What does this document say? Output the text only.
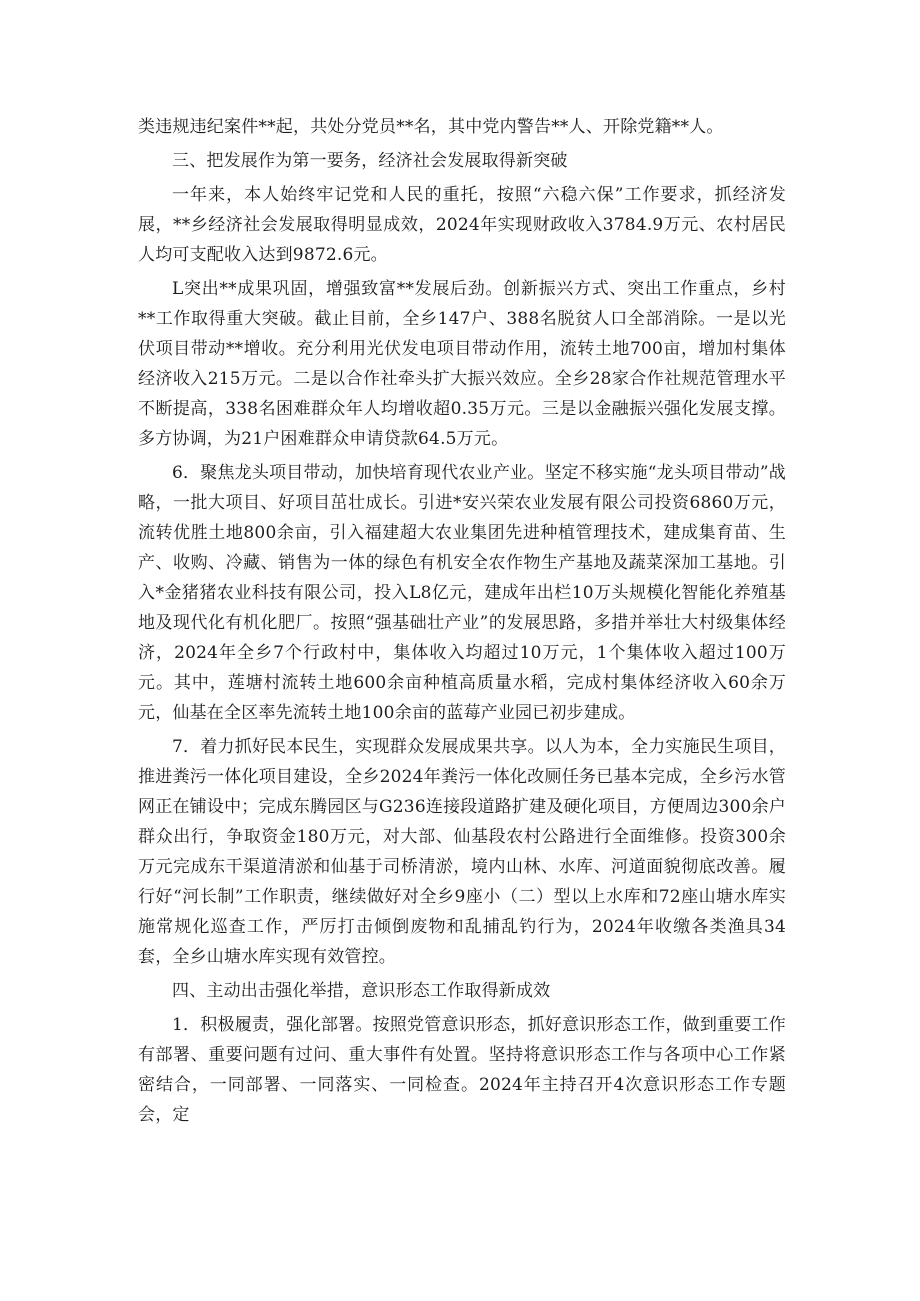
类违规违纪案件**起，共处分党员**名，其中党内警告**人、开除党籍**人。

三、把发展作为第一要务，经济社会发展取得新突破

一年来，本人始终牢记党和人民的重托，按照“六稳六保”工作要求，抓经济发展，**乡经济社会发展取得明显成效，2024年实现财政收入3784.9万元、农村居民人均可支配收入达到9872.6元。

L突出**成果巩固，增强致富**发展后劲。创新振兴方式、突出工作重点，乡村**工作取得重大突破。截止目前，全乡147户、388名脱贫人口全部消除。一是以光伏项目带动**增收。充分利用光伏发电项目带动作用，流转土地700亩，增加村集体经济收入215万元。二是以合作社牵头扩大振兴效应。全乡28家合作社规范管理水平不断提高，338名困难群众年人均增收超0.35万元。三是以金融振兴强化发展支撑。多方协调，为21户困难群众申请贷款64.5万元。

6．聚焦龙头项目带动，加快培育现代农业产业。坚定不移实施“龙头项目带动”战略，一批大项目、好项目茁壮成长。引进*安兴荣农业发展有限公司投资6860万元，流转优胜土地800余亩，引入福建超大农业集团先进种植管理技术，建成集育苗、生产、收购、冷藏、销售为一体的绿色有机安全农作物生产基地及蔬菜深加工基地。引入*金猪猪农业科技有限公司，投入L8亿元，建成年出栏10万头规模化智能化养殖基地及现代化有机化肥厂。按照“强基础壮产业”的发展思路，多措并举壮大村级集体经济，2024年全乡7个行政村中，集体收入均超过10万元，1个集体收入超过100万元。其中，莲塘村流转土地600余亩种植高质量水稻，完成村集体经济收入60余万元，仙基在全区率先流转土地100余亩的蓝莓产业园已初步建成。

7．着力抓好民本民生，实现群众发展成果共享。以人为本，全力实施民生项目，推进粪污一体化项目建设，全乡2024年粪污一体化改厕任务已基本完成，全乡污水管网正在铺设中；完成东腾园区与G236连接段道路扩建及硬化项目，方便周边300余户群众出行，争取资金180万元，对大部、仙基段农村公路进行全面维修。投资300余万元完成东干渠道清淤和仙基于司桥清淤，境内山林、水库、河道面貌彻底改善。履行好“河长制”工作职责，继续做好对全乡9座小（二）型以上水库和72座山塘水库实施常规化巡查工作，严厉打击倾倒废物和乱捕乱钓行为，2024年收缴各类渔具34套，全乡山塘水库实现有效管控。

四、主动出击强化举措，意识形态工作取得新成效

1．积极履责，强化部署。按照党管意识形态，抓好意识形态工作，做到重要工作有部署、重要问题有过问、重大事件有处置。坚持将意识形态工作与各项中心工作紧密结合，一同部署、一同落实、一同检查。2024年主持召开4次意识形态工作专题会，定
